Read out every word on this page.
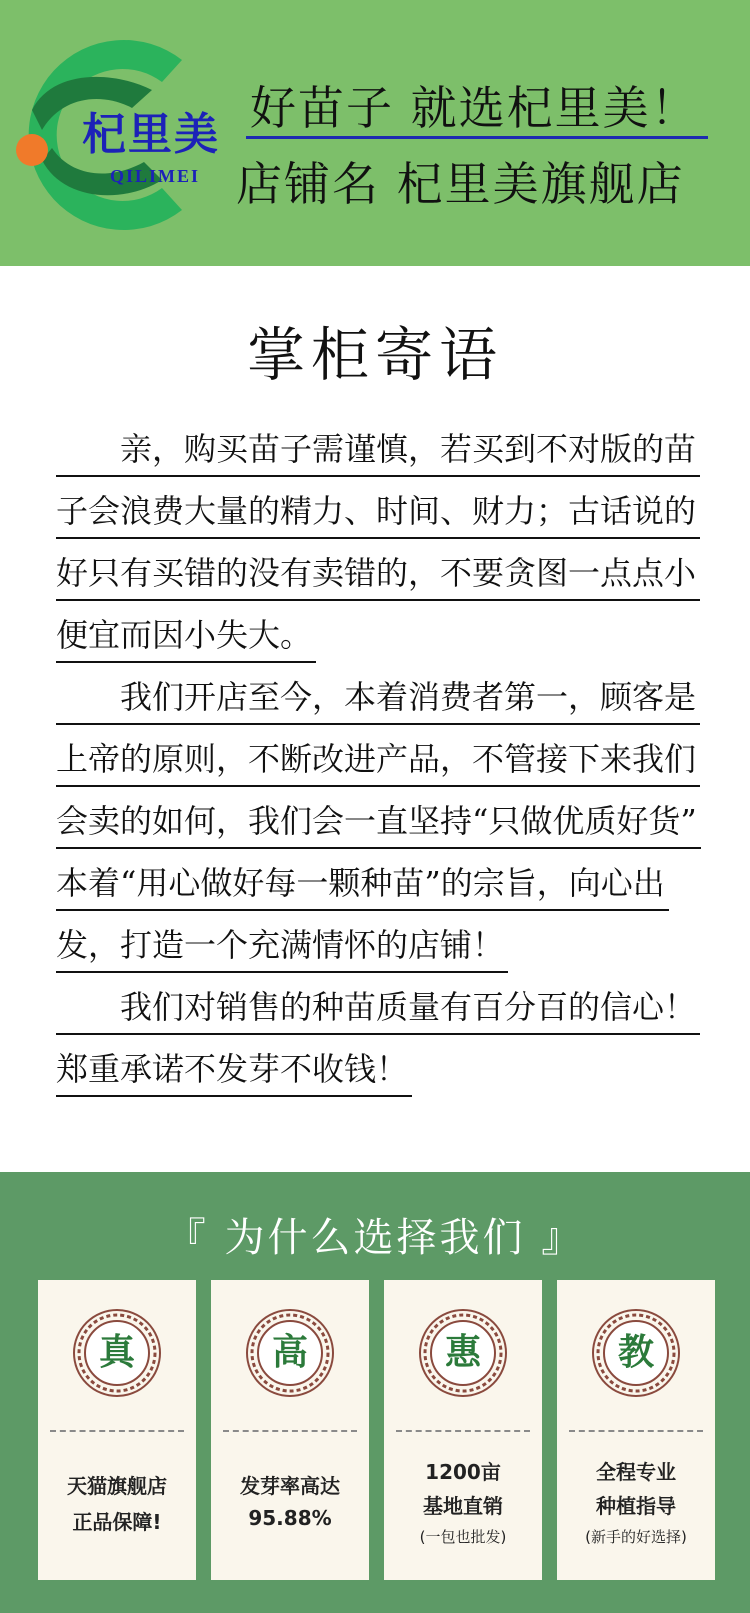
杞里美
QILIMEI
好苗子 就选杞里美！
店铺名 杞里美旗舰店
掌柜寄语
　　亲，购买苗子需谨慎，若买到不对版的苗
子会浪费大量的精力、时间、财力；古话说的
好只有买错的没有卖错的，不要贪图一点点小
便宜而因小失大。
　　我们开店至今，本着消费者第一，顾客是
上帝的原则，不断改进产品，不管接下来我们
会卖的如何，我们会一直坚持“只做优质好货”
本着“用心做好每一颗种苗”的宗旨，向心出
发，打造一个充满情怀的店铺！
　　我们对销售的种苗质量有百分百的信心！
郑重承诺不发芽不收钱！
『 为什么选择我们 』
真
天猫旗舰店
正品保障!
高
发芽率高达
95.88%
惠
1200亩
基地直销
(一包也批发)
教
全程专业
种植指导
(新手的好选择)
